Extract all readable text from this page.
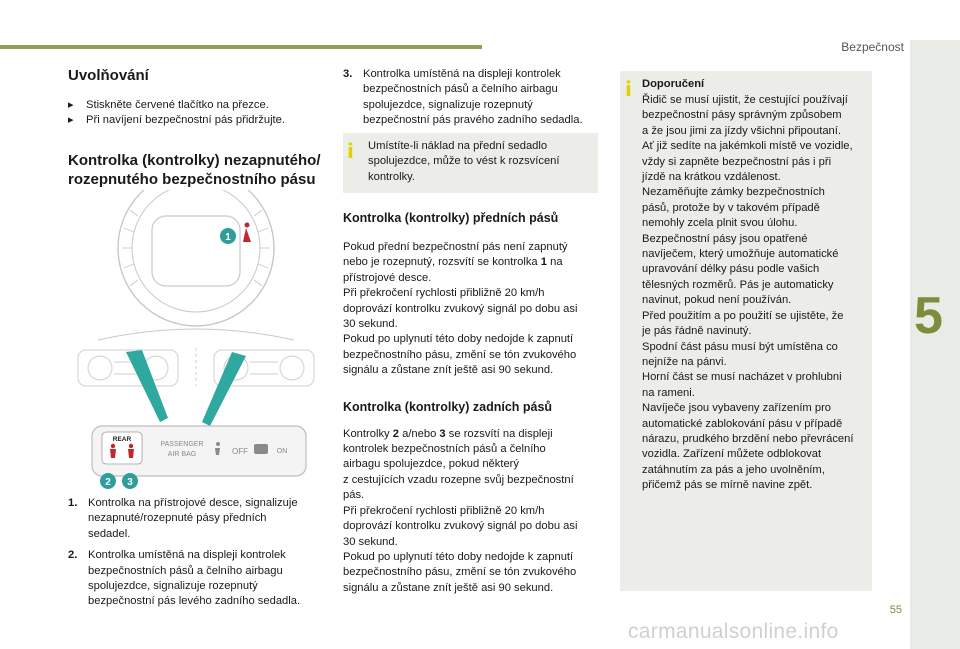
Bezpečnost
5
55
carmanualsonline.info
Uvolňování
▸	Stiskněte červené tlačítko na přezce.
▸	Při navíjení bezpečnostní pás přidržujte.
Kontrolka (kontrolky) nezapnutého/
rozepnutého bezpečnostního pásu
1
REAR
PASSENGER
AIR BAG	OFF	ON
2 3
1. Kontrolka na přístrojové desce, signalizuje
nezapnuté/rozepnuté pásy předních
sedadel.
2. Kontrolka umístěná na displeji kontrolek
bezpečnostních pásů a čelního airbagu
spolujezdce, signalizuje rozepnutý
bezpečnostní pás levého zadního sedadla.
3. Kontrolka umístěná na displeji kontrolek
bezpečnostních pásů a čelního airbagu
spolujezdce, signalizuje rozepnutý
bezpečnostní pás pravého zadního sedadla.
i	Umístíte-li náklad na přední sedadlo
spolujezdce, může to vést k rozsvícení
kontrolky.
Kontrolka (kontrolky) předních pásů
Pokud přední bezpečnostní pás není zapnutý
nebo je rozepnutý, rozsvítí se kontrolka 1 na
přístrojové desce.
Při překročení rychlosti přibližně 20 km/h
doprovází kontrolku zvukový signál po dobu asi
30 sekund.
Pokud po uplynutí této doby nedojde k zapnutí
bezpečnostního pásu, změní se tón zvukového
signálu a zůstane znít ještě asi 90 sekund.
Kontrolka (kontrolky) zadních pásů
Kontrolky 2 a/nebo 3 se rozsvítí na displeji
kontrolek bezpečnostních pásů a čelního
airbagu spolujezdce, pokud některý
z cestujících vzadu rozepne svůj bezpečnostní
pás.
Při překročení rychlosti přibližně 20 km/h
doprovází kontrolku zvukový signál po dobu asi
30 sekund.
Pokud po uplynutí této doby nedojde k zapnutí
bezpečnostního pásu, změní se tón zvukového
signálu a zůstane znít ještě asi 90 sekund.
i Doporučení
Řidič se musí ujistit, že cestující používají
bezpečnostní pásy správným způsobem
a že jsou jimi za jízdy všichni připoutaní.
Ať již sedíte na jakémkoli místě ve vozidle,
vždy si zapněte bezpečnostní pás i při
jízdě na krátkou vzdálenost.
Nezaměňujte zámky bezpečnostních
pásů, protože by v takovém případě
nemohly zcela plnit svou úlohu.
Bezpečnostní pásy jsou opatřené
navíječem, který umožňuje automatické
upravování délky pásu podle vašich
tělesných rozměrů. Pás je automaticky
navinut, pokud není používán.
Před použitím a po použití se ujistěte, že
je pás řádně navinutý.
Spodní část pásu musí být umístěna co
nejníže na pánvi.
Horní část se musí nacházet v prohlubni
na rameni.
Navíječe jsou vybaveny zařízením pro
automatické zablokování pásu v případě
nárazu, prudkého brzdění nebo převrácení
vozidla. Zařízení můžete odblokovat
zatáhnutím za pás a jeho uvolněním,
přičemž pás se mírně navine zpět.
